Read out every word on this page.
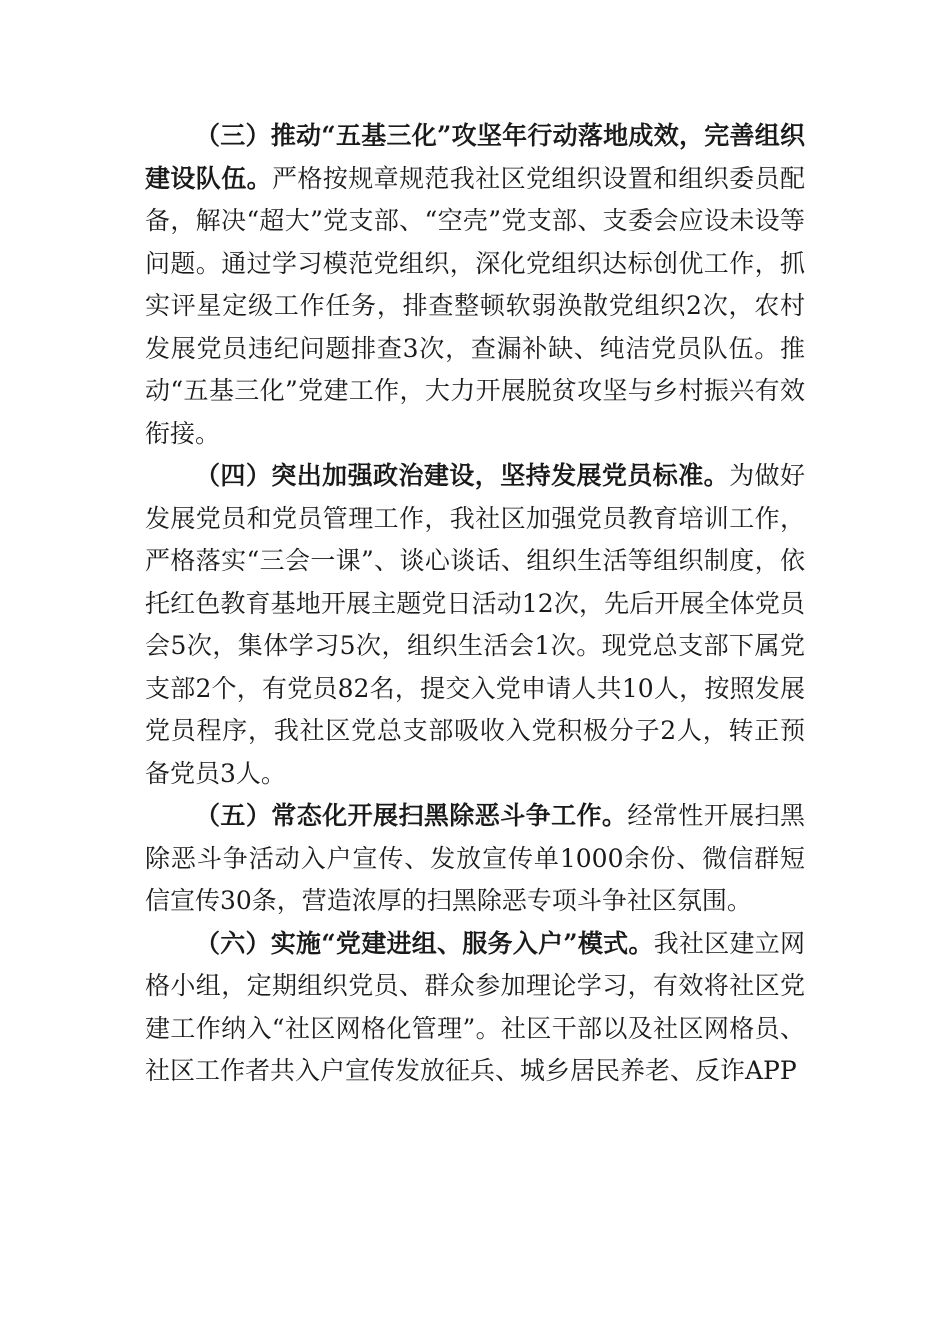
（三）推动“五基三化”攻坚年行动落地成效，完善组织建设队伍。严格按规章规范我社区党组织设置和组织委员配备，解决“超大”党支部、“空壳”党支部、支委会应设未设等问题。通过学习模范党组织，深化党组织达标创优工作，抓实评星定级工作任务，排查整顿软弱涣散党组织2次，农村发展党员违纪问题排查3次，查漏补缺、纯洁党员队伍。推动“五基三化”党建工作，大力开展脱贫攻坚与乡村振兴有效衔接。

（四）突出加强政治建设，坚持发展党员标准。为做好发展党员和党员管理工作，我社区加强党员教育培训工作，严格落实“三会一课”、谈心谈话、组织生活等组织制度，依托红色教育基地开展主题党日活动12次，先后开展全体党员会5次，集体学习5次，组织生活会1次。现党总支部下属党支部2个，有党员82名，提交入党申请人共10人，按照发展党员程序，我社区党总支部吸收入党积极分子2人，转正预备党员3人。

（五）常态化开展扫黑除恶斗争工作。经常性开展扫黑除恶斗争活动入户宣传、发放宣传单1000余份、微信群短信宣传30条，营造浓厚的扫黑除恶专项斗争社区氛围。

（六）实施“党建进组、服务入户”模式。我社区建立网格小组，定期组织党员、群众参加理论学习，有效将社区党建工作纳入“社区网格化管理”。社区干部以及社区网格员、社区工作者共入户宣传发放征兵、城乡居民养老、反诈APP
